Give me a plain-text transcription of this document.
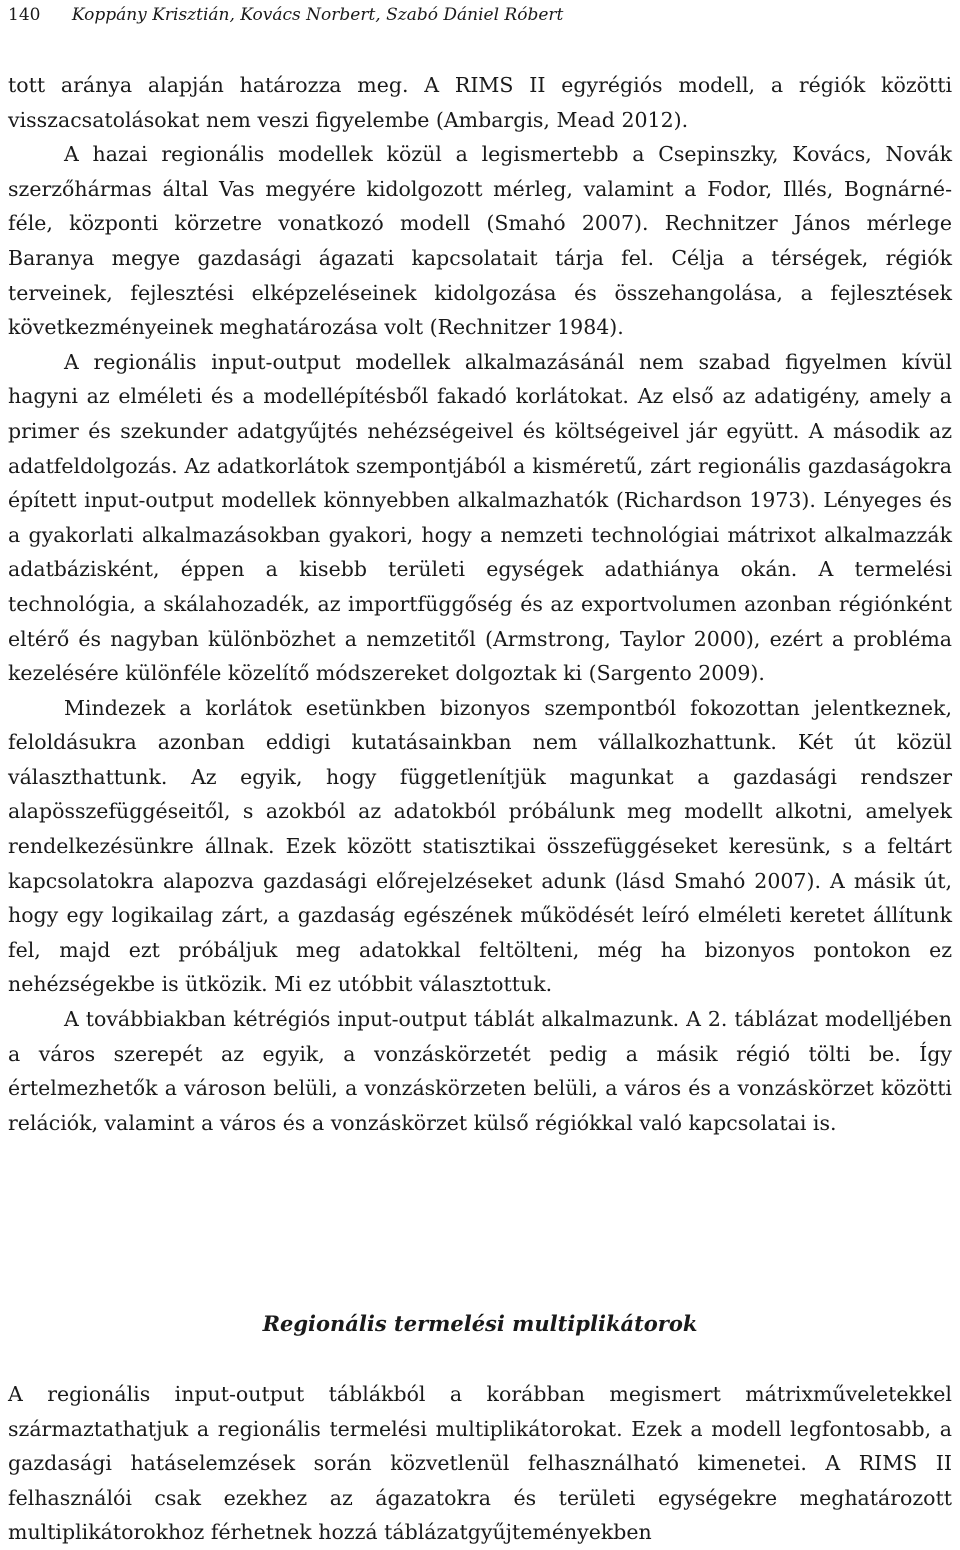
140 Koppány Krisztián, Kovács Norbert, Szabó Dániel Róbert

tott aránya alapján határozza meg. A RIMS II egyrégiós modell, a régiók közötti visszacsatolásokat nem veszi figyelembe (Ambargis, Mead 2012).

A hazai regionális modellek közül a legismertebb a Csepinszky, Kovács, Novák szerzőhármas által Vas megyére kidolgozott mérleg, valamint a Fodor, Illés, Bognárné-féle, központi körzetre vonatkozó modell (Smahó 2007). Rechnitzer János mérlege Baranya megye gazdasági ágazati kapcsolatait tárja fel. Célja a térségek, régiók terveinek, fejlesztési elképzeléseinek kidolgozása és összehangolása, a fejlesztések következményeinek meghatározása volt (Rechnitzer 1984).

A regionális input-output modellek alkalmazásánál nem szabad figyelmen kívül hagyni az elméleti és a modellépítésből fakadó korlátokat. Az első az adatigény, amely a primer és szekunder adatgyűjtés nehézségeivel és költségeivel jár együtt. A második az adatfeldolgozás. Az adatkorlátok szempontjából a kisméretű, zárt regionális gazdaságokra épített input-output modellek könnyebben alkalmazhatók (Richardson 1973). Lényeges és a gyakorlati alkalmazásokban gyakori, hogy a nemzeti technológiai mátrixot alkalmazzák adatbázisként, éppen a kisebb területi egységek adathiánya okán. A termelési technológia, a skálahozadék, az importfüggőség és az exportvolumen azonban régiónként eltérő és nagyban különbözhet a nemzetitől (Armstrong, Taylor 2000), ezért a probléma kezelésére különféle közelítő módszereket dolgoztak ki (Sargento 2009).

Mindezek a korlátok esetünkben bizonyos szempontból fokozottan jelentkeznek, feloldásukra azonban eddigi kutatásainkban nem vállalkozhattunk. Két út közül választhattunk. Az egyik, hogy függetlenítjük magunkat a gazdasági rendszer alapösszefüggéseitől, s azokból az adatokból próbálunk meg modellt alkotni, amelyek rendelkezésünkre állnak. Ezek között statisztikai összefüggéseket keresünk, s a feltárt kapcsolatokra alapozva gazdasági előrejelzéseket adunk (lásd Smahó 2007). A másik út, hogy egy logikailag zárt, a gazdaság egészének működését leíró elméleti keretet állítunk fel, majd ezt próbáljuk meg adatokkal feltölteni, még ha bizonyos pontokon ez nehézségekbe is ütközik. Mi ez utóbbit választottuk.

A továbbiakban kétrégiós input-output táblát alkalmazunk. A 2. táblázat modelljében a város szerepét az egyik, a vonzáskörzetét pedig a másik régió tölti be. Így értelmezhetők a városon belüli, a vonzáskörzeten belüli, a város és a vonzáskörzet közötti relációk, valamint a város és a vonzáskörzet külső régiókkal való kapcsolatai is.

Regionális termelési multiplikátorok

A regionális input-output táblákból a korábban megismert mátrixműveletekkel származtathatjuk a regionális termelési multiplikátorokat. Ezek a modell legfontosabb, a gazdasági hatáselemzések során közvetlenül felhasználható kimenetei. A RIMS II felhasználói csak ezekhez az ágazatokra és területi egységekre meghatározott multiplikátorokhoz férhetnek hozzá táblázatgyűjteményekben
